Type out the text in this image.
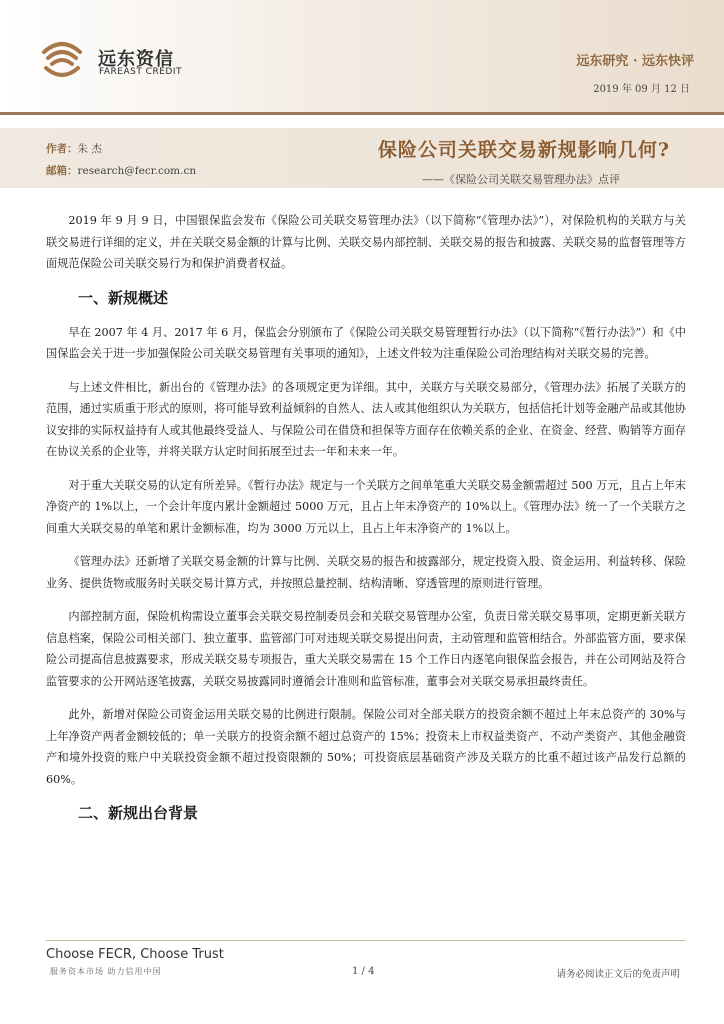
远东资信
FAREAST CREDIT
远东研究 · 远东快评
2019 年 09 月 12 日
作者：朱 杰
邮箱：research@fecr.com.cn
保险公司关联交易新规影响几何?
——《保险公司关联交易管理办法》点评

2019 年 9 月 9 日，中国银保监会发布《保险公司关联交易管理办法》（以下简称“《管理办法》”），对保险机构的关联方与关联交易进行详细的定义，并在关联交易金额的计算与比例、关联交易内部控制、关联交易的报告和披露、关联交易的监督管理等方面规范保险公司关联交易行为和保护消费者权益。

一、新规概述

早在 2007 年 4 月、2017 年 6 月，保监会分别颁布了《保险公司关联交易管理暂行办法》（以下简称“《暂行办法》”）和《中国保监会关于进一步加强保险公司关联交易管理有关事项的通知》，上述文件较为注重保险公司治理结构对关联交易的完善。

与上述文件相比，新出台的《管理办法》的各项规定更为详细。其中，关联方与关联交易部分，《管理办法》拓展了关联方的范围，通过实质重于形式的原则，将可能导致利益倾斜的自然人、法人或其他组织认为关联方，包括信托计划等金融产品或其他协议安排的实际权益持有人或其他最终受益人、与保险公司在借贷和担保等方面存在依赖关系的企业、在资金、经营、购销等方面存在协议关系的企业等，并将关联方认定时间拓展至过去一年和未来一年。

对于重大关联交易的认定有所差异。《暂行办法》规定与一个关联方之间单笔重大关联交易金额需超过 500 万元，且占上年末净资产的 1%以上，一个会计年度内累计金额超过 5000 万元，且占上年末净资产的 10%以上。《管理办法》统一了一个关联方之间重大关联交易的单笔和累计金额标准，均为 3000 万元以上，且占上年末净资产的 1%以上。

《管理办法》还新增了关联交易金额的计算与比例、关联交易的报告和披露部分，规定投资入股、资金运用、利益转移、保险业务、提供货物或服务时关联交易计算方式，并按照总量控制、结构清晰、穿透管理的原则进行管理。

内部控制方面，保险机构需设立董事会关联交易控制委员会和关联交易管理办公室，负责日常关联交易事项，定期更新关联方信息档案，保险公司相关部门、独立董事、监管部门可对违规关联交易提出问责，主动管理和监管相结合。外部监管方面，要求保险公司提高信息披露要求，形成关联交易专项报告，重大关联交易需在 15 个工作日内逐笔向银保监会报告，并在公司网站及符合监管要求的公开网站逐笔披露，关联交易披露同时遵循会计准则和监管标准，董事会对关联交易承担最终责任。

此外，新增对保险公司资金运用关联交易的比例进行限制。保险公司对全部关联方的投资余额不超过上年末总资产的 30%与上年净资产两者金额较低的；单一关联方的投资余额不超过总资产的 15%；投资未上市权益类资产、不动产类资产、其他金融资产和境外投资的账户中关联投资金额不超过投资限额的 50%；可投资底层基础资产涉及关联方的比重不超过该产品发行总额的 60%。

二、新规出台背景
Choose FECR, Choose Trust
服务资本市场 助力信用中国	1 / 4	请务必阅读正文后的免责声明
